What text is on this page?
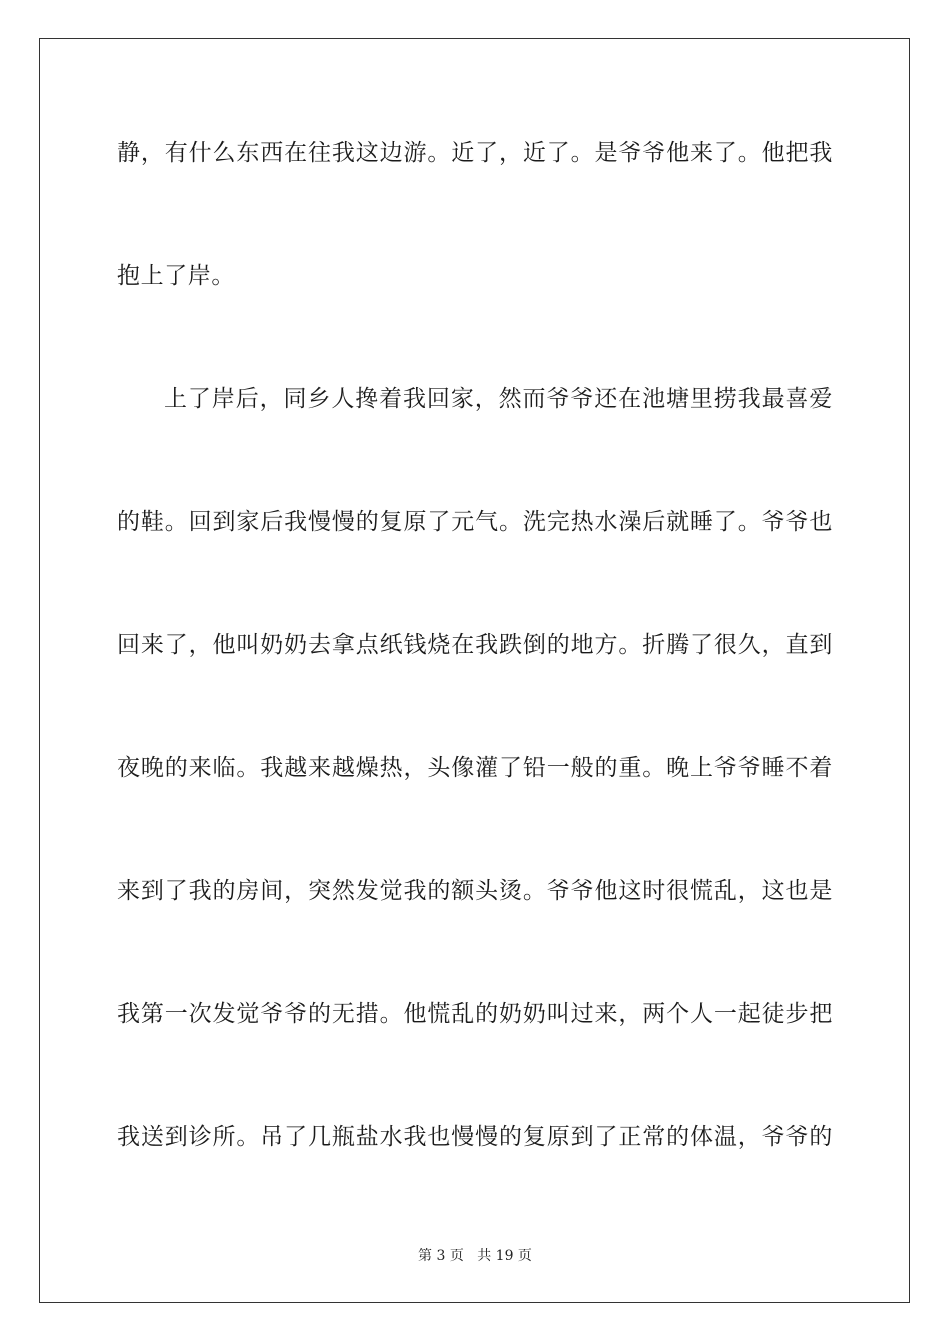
静，有什么东西在往我这边游。近了，近了。是爷爷他来了。他把我
抱上了岸。
上了岸后，同乡人搀着我回家，然而爷爷还在池塘里捞我最喜爱
的鞋。回到家后我慢慢的复原了元气。洗完热水澡后就睡了。爷爷也
回来了，他叫奶奶去拿点纸钱烧在我跌倒的地方。折腾了很久，直到
夜晚的来临。我越来越燥热，头像灌了铅一般的重。晚上爷爷睡不着
来到了我的房间，突然发觉我的额头烫。爷爷他这时很慌乱，这也是
我第一次发觉爷爷的无措。他慌乱的奶奶叫过来，两个人一起徒步把
我送到诊所。吊了几瓶盐水我也慢慢的复原到了正常的体温，爷爷的
第 3 页 共 19 页
